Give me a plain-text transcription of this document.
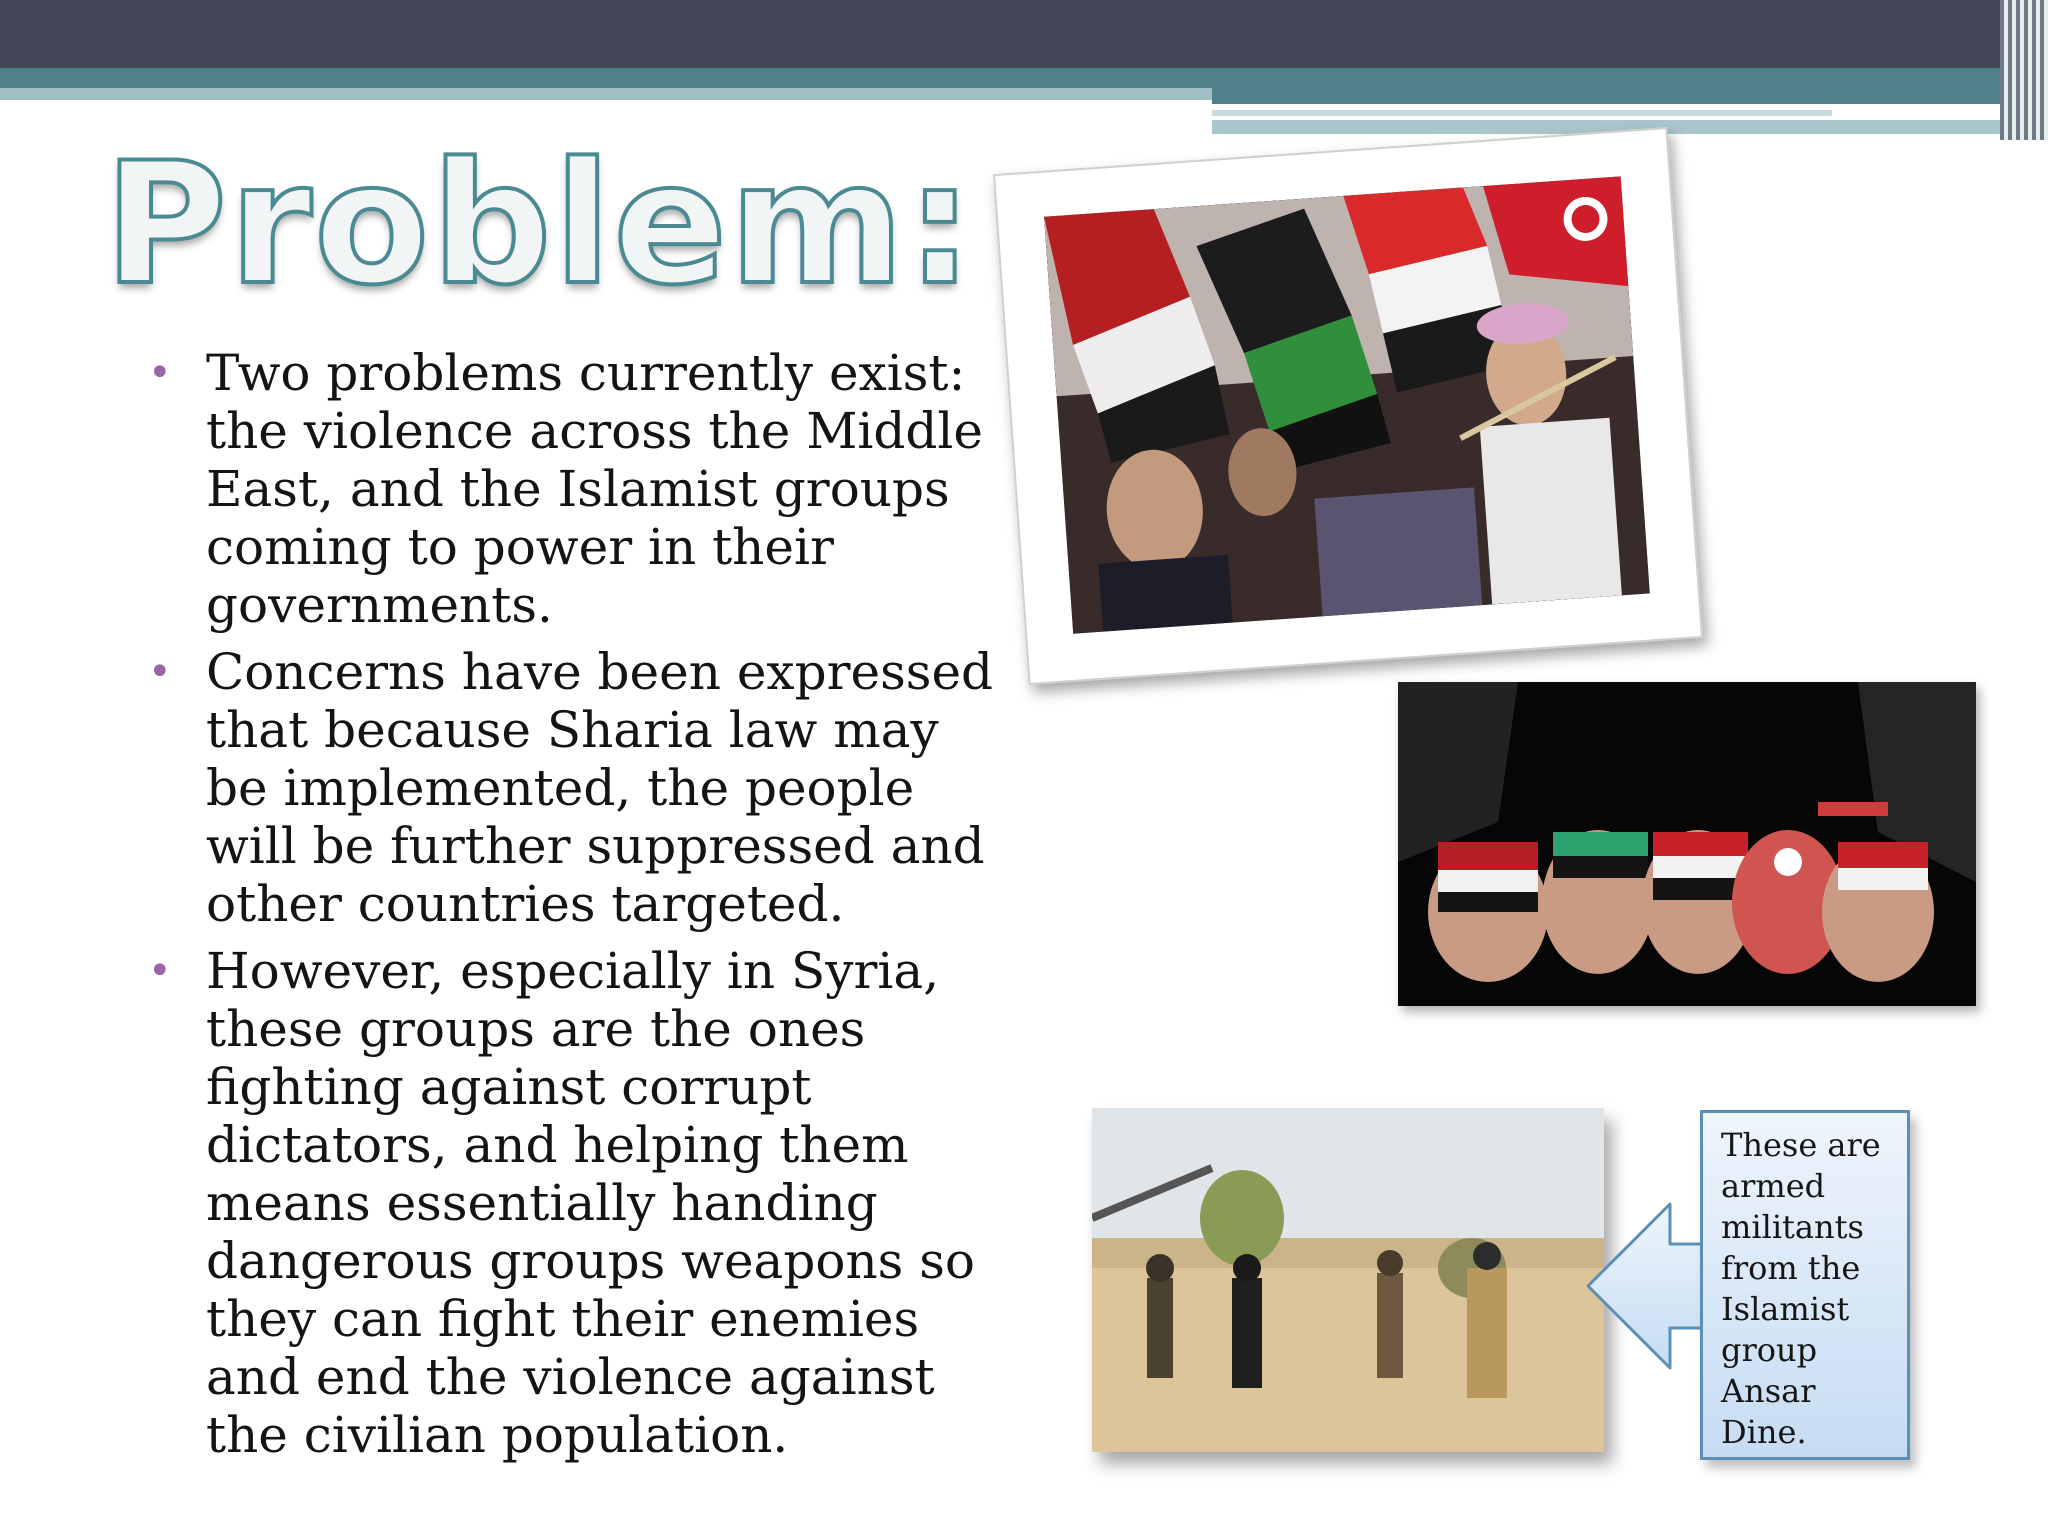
Problem:
• Two problems currently exist: the violence across the Middle East, and the Islamist groups coming to power in their governments.
• Concerns have been expressed that because Sharia law may be implemented, the people will be further suppressed and other countries targeted.
• However, especially in Syria, these groups are the ones fighting against corrupt dictators, and helping them means essentially handing dangerous groups weapons so they can fight their enemies and end the violence against the civilian population.

These are armed militants from the Islamist group Ansar Dine.
